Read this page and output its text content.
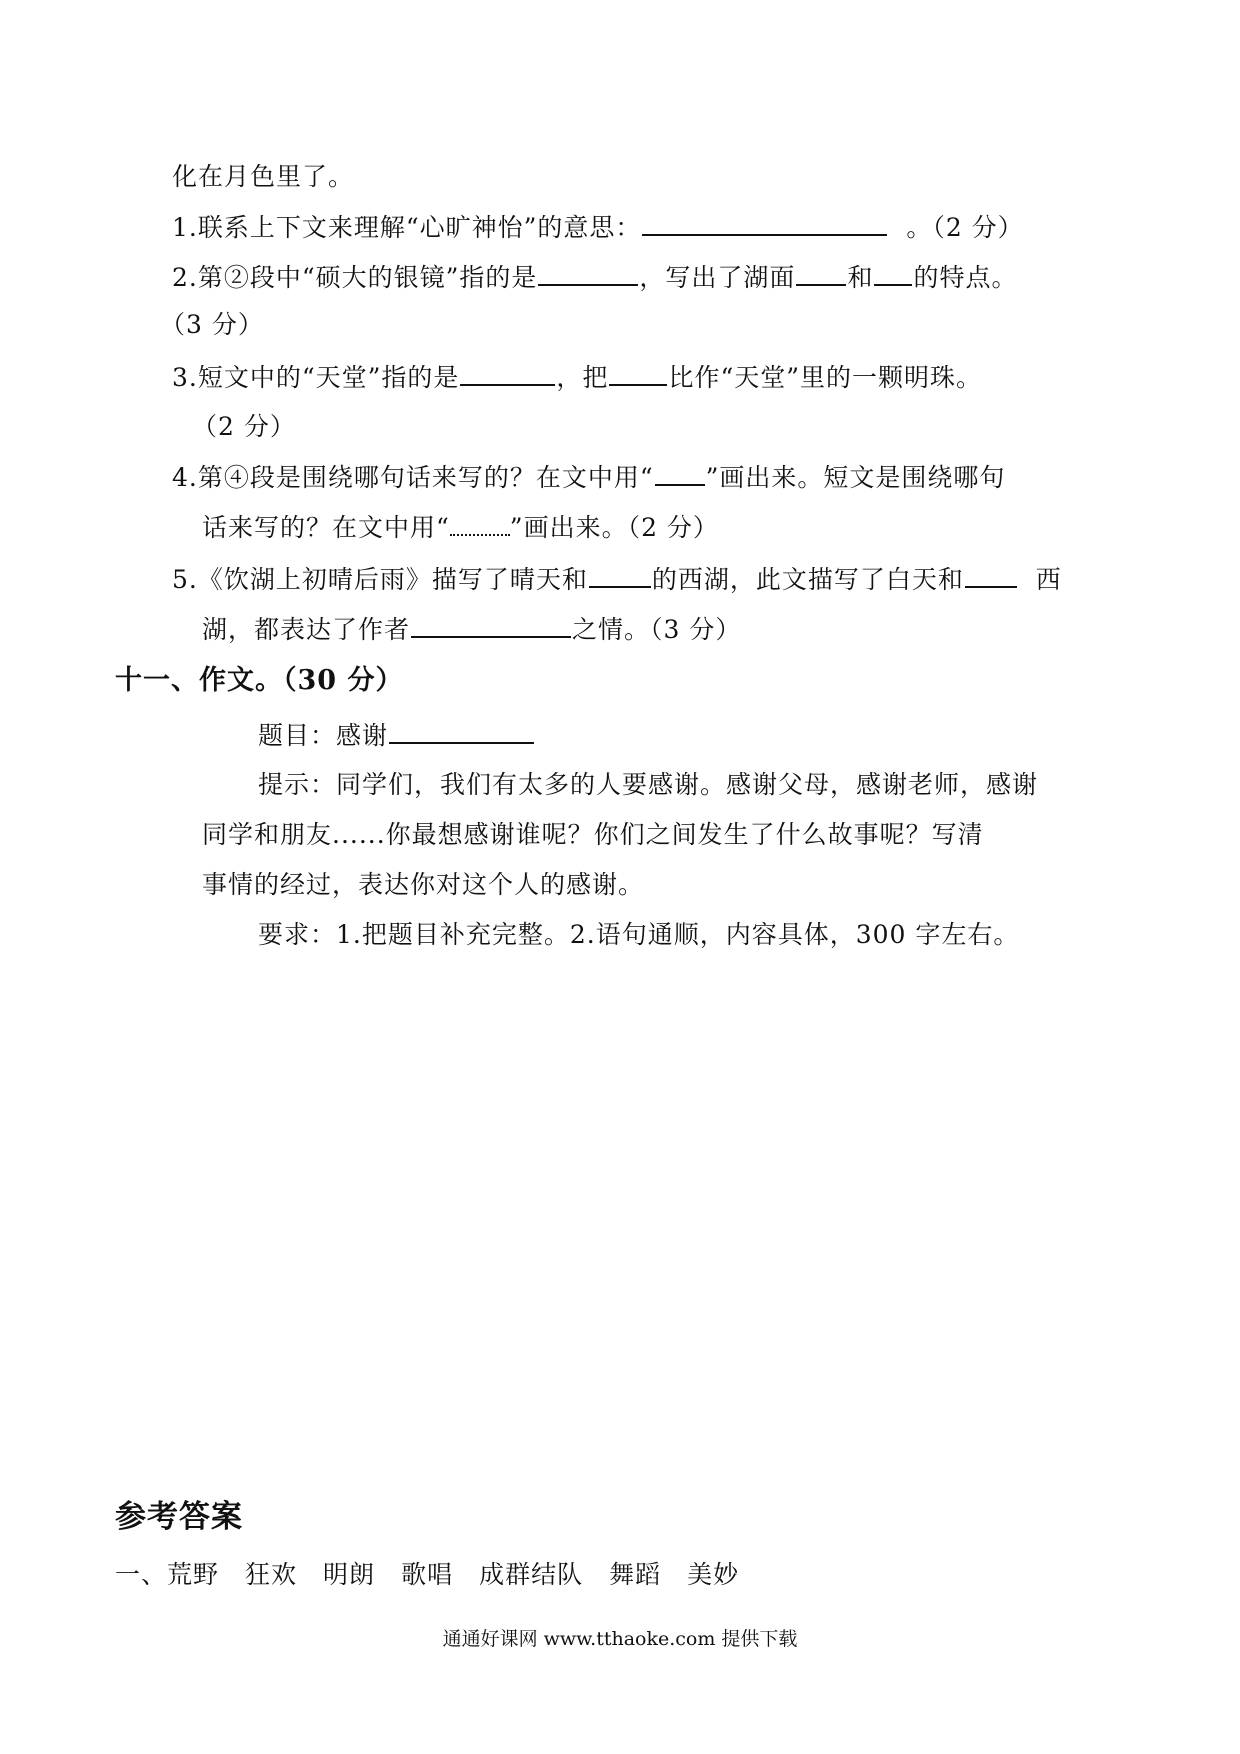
化在月色里了。
1.联系上下文来理解“心旷神怡”的意思：	。（2 分）
2.第②段中“硕大的银镜”指的是	，写出了湖面 和 的特点。
（3 分）
3.短文中的“天堂”指的是	，把 比作“天堂”里的一颗明珠。
（2 分）
4.第④段是围绕哪句话来写的？在文中用“ ”画出来。短文是围绕哪句
话来写的？在文中用“ ”画出来。（2 分）
5.《饮湖上初晴后雨》描写了晴天和	的西湖，此文描写了白天和	西
湖，都表达了作者	之情。（3 分）
十一、作文。（30 分）
题目：感谢
提示：同学们，我们有太多的人要感谢。感谢父母，感谢老师，感谢
同学和朋友......你最想感谢谁呢？你们之间发生了什么故事呢？写清
事情的经过，表达你对这个人的感谢。
要求：1.把题目补充完整。2.语句通顺，内容具体，300 字左右。
参考答案
一、荒野 狂欢 明朗 歌唱 成群结队 舞蹈 美妙
通通好课网 www.tthaoke.com 提供下载
